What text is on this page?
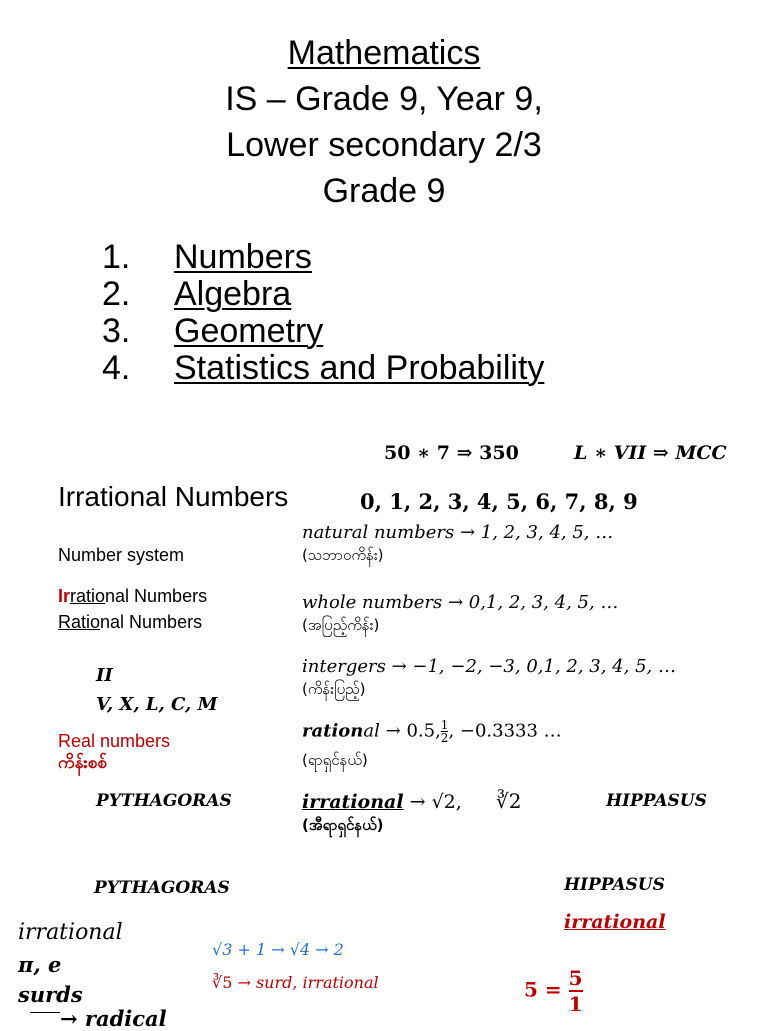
Mathematics
IS – Grade 9, Year 9,
Lower secondary 2/3
Grade 9
1. Numbers
2. Algebra
3. Geometry
4. Statistics and Probability
50 ∗ 7 ⇒ 350	L ∗ VII ⇒ MCC
Irrational Numbers
Number system
Irrational Numbers
Rational Numbers
II
V, X, L, C, M
Real numbers
ကိန်းစစ်
PYTHAGORAS
PYTHAGORAS
irrational
π, e
surds
→ radical
0, 1, 2, 3, 4, 5, 6, 7, 8, 9
natural numbers → 1, 2, 3, 4, 5, …
(သဘာဝကိန်း)
whole numbers → 0,1, 2, 3, 4, 5, …
(အပြည့်ကိန်း)
intergers → −1, −2, −3, 0,1, 2, 3, 4, 5, …
(ကိန်းပြည့်)
rational → 0.5, $\frac{1}{2}$ , −0.3333 …
(ရာရှင်နယ်)
irrational → √2, ∛2	HIPPASUS
(အီရာရှင်နယ်)
HIPPASUS
irrational
√3 + 1 → √4 → 2
∛5 → surd, irrational	$5 = \frac{5}{1}$
